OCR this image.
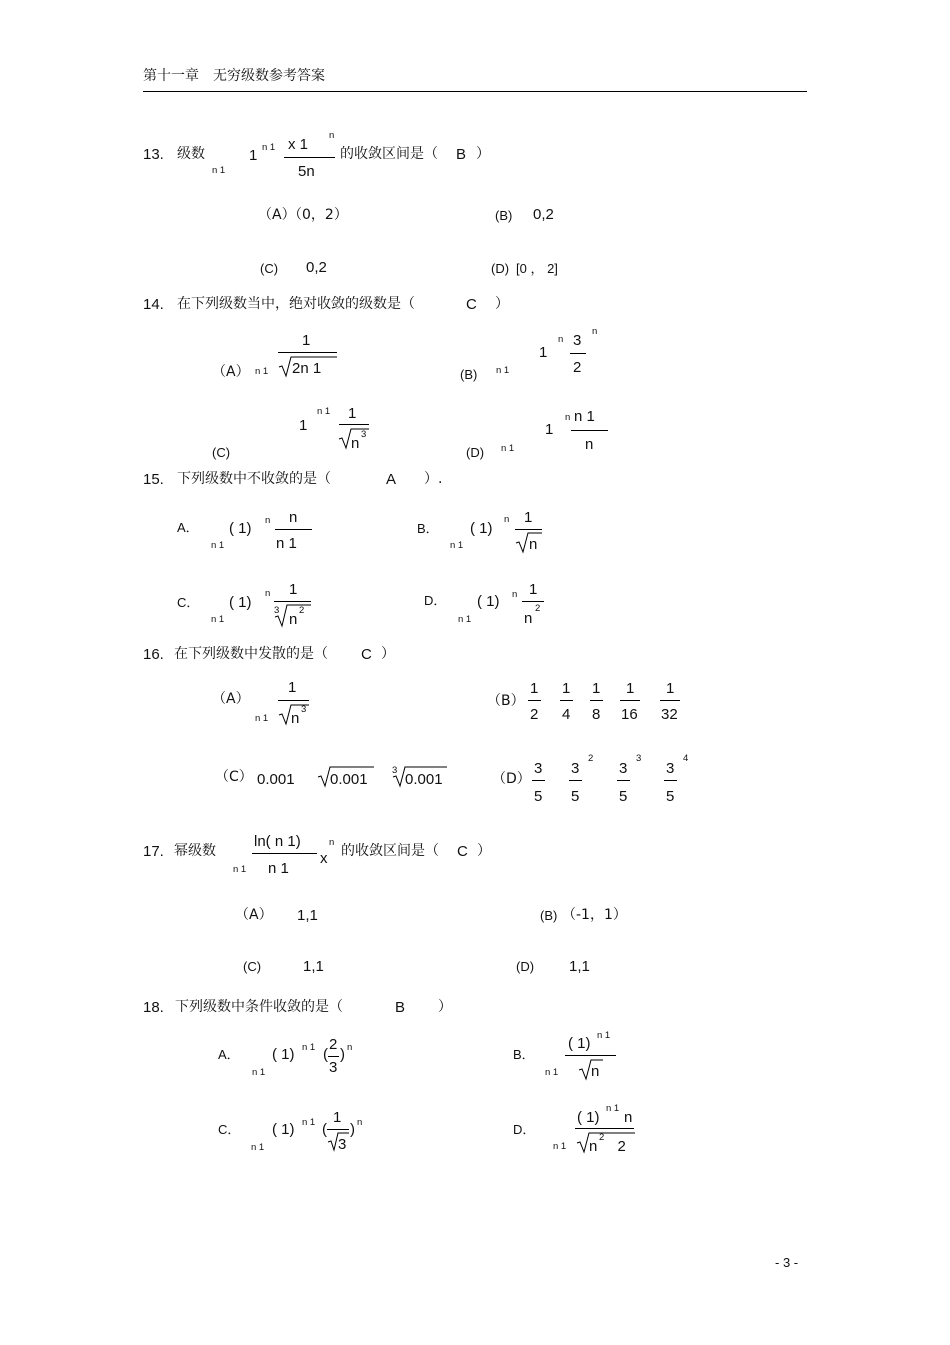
第十一章　无穷级数参考答案
13. 级数
n 1
1 n 1 x 1
5n
n
的收敛区间是（ B ）
（A）
（0，2）	(B) 0,2
(C) 0,2	(D) [0 ， 2]
14. 在下列级数当中，绝对收敛的级数是（	C ）
（A） n 1
1
2n 1	(B) n 1
1
n 3
2
n
(C)
1
n 1 1
n
3
(D) n 1
1
n n 1
n
15. 下列级数中不收敛的是（	A ）.
A．
n 1
( 1) n n
n 1
B．
n 1
( 1)
n 1
n
C．
n 1
( 1)
n 1
3
n
2
D．
n 1
( 1) n 1
n
2
16. 在下列级数中发散的是（ C ）
（A）
n 1
1
n
3
（B）
1
2
1
4
1
8
1
16
1
32
（C） 0.001 0.001
3
0.001	（D）
3
5
3
5
2
3
5
3
3
5
4
17. 幂级数
n 1
ln( n 1)
n 1
x
n
的收敛区间是（ C ）
（A） 1,1	(B) （-1，1）
(C)	1,1	(D) 1,1
18. 下列级数中条件收敛的是（	B ）
A．
n 1
( 1) n 1 (
2
3
) n	B．
n 1
( 1) n 1
n
C．
n 1
( 1) n 1 (
1
3
) n	D．
n 1
( 1)
n 1
n
n
2
2
- 3 -
